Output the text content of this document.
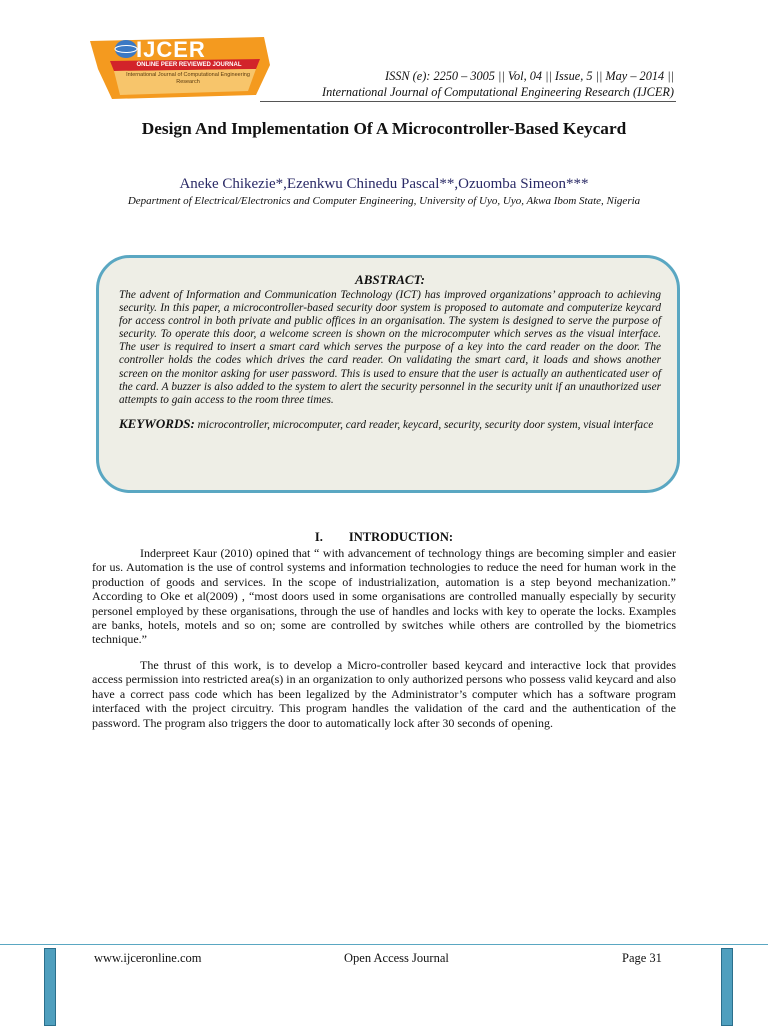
IJCER
ONLINE PEER REVIEWED JOURNAL
International Journal of Computational Engineering Research	ISSN (e): 2250 – 3005 || Vol, 04 || Issue, 5 || May – 2014 ||
International Journal of Computational Engineering Research (IJCER)
Design And Implementation Of A Microcontroller-Based Keycard
Aneke Chikezie*,Ezenkwu Chinedu Pascal**,Ozuomba Simeon***
Department of Electrical/Electronics and Computer Engineering, University of Uyo, Uyo, Akwa Ibom State, Nigeria
ABSTRACT:
The advent of Information and Communication Technology (ICT) has improved organizations’ approach to achieving security. In this paper, a microcontroller-based security door system is proposed to automate and computerize keycard for access control in both private and public offices in an organisation. The system is designed to serve the purpose of security. To operate this door, a welcome screen is shown on the microcomputer which serves as the visual interface. The user is required to insert a smart card which serves the purpose of a key into the card reader on the door. The controller holds the codes which drives the card reader. On validating the smart card, it loads and shows another screen on the monitor asking for user password. This is used to ensure that the user is actually an authenticated user of the card. A buzzer is also added to the system to alert the security personnel in the security unit if an unauthorized user attempts to gain access to the room three times.
KEYWORDS: microcontroller, microcomputer, card reader, keycard, security, security door system, visual interface
I. INTRODUCTION:
Inderpreet Kaur (2010) opined that “ with advancement of technology things are becoming simpler and easier for us. Automation is the use of control systems and information technologies to reduce the need for human work in the production of goods and services. In the scope of industrialization, automation is a step beyond mechanization.” According to Oke et al(2009) , “most doors used in some organisations are controlled manually especially by security personel employed by these organisations, through the use of handles and locks with key to operate the locks. Examples are banks, hotels, motels and so on; some are controlled by switches while others are controlled by the biometrics technique.”
The thrust of this work, is to develop a Micro-controller based keycard and interactive lock that provides access permission into restricted area(s) in an organization to only authorized persons who possess valid keycard and also have a correct pass code which has been legalized by the Administrator’s computer which has a software program interfaced with the project circuitry. This program handles the validation of the card and the authentication of the password. The program also triggers the door to automatically lock after 30 seconds of opening.
www.ijceronline.com	Open Access Journal	Page 31
